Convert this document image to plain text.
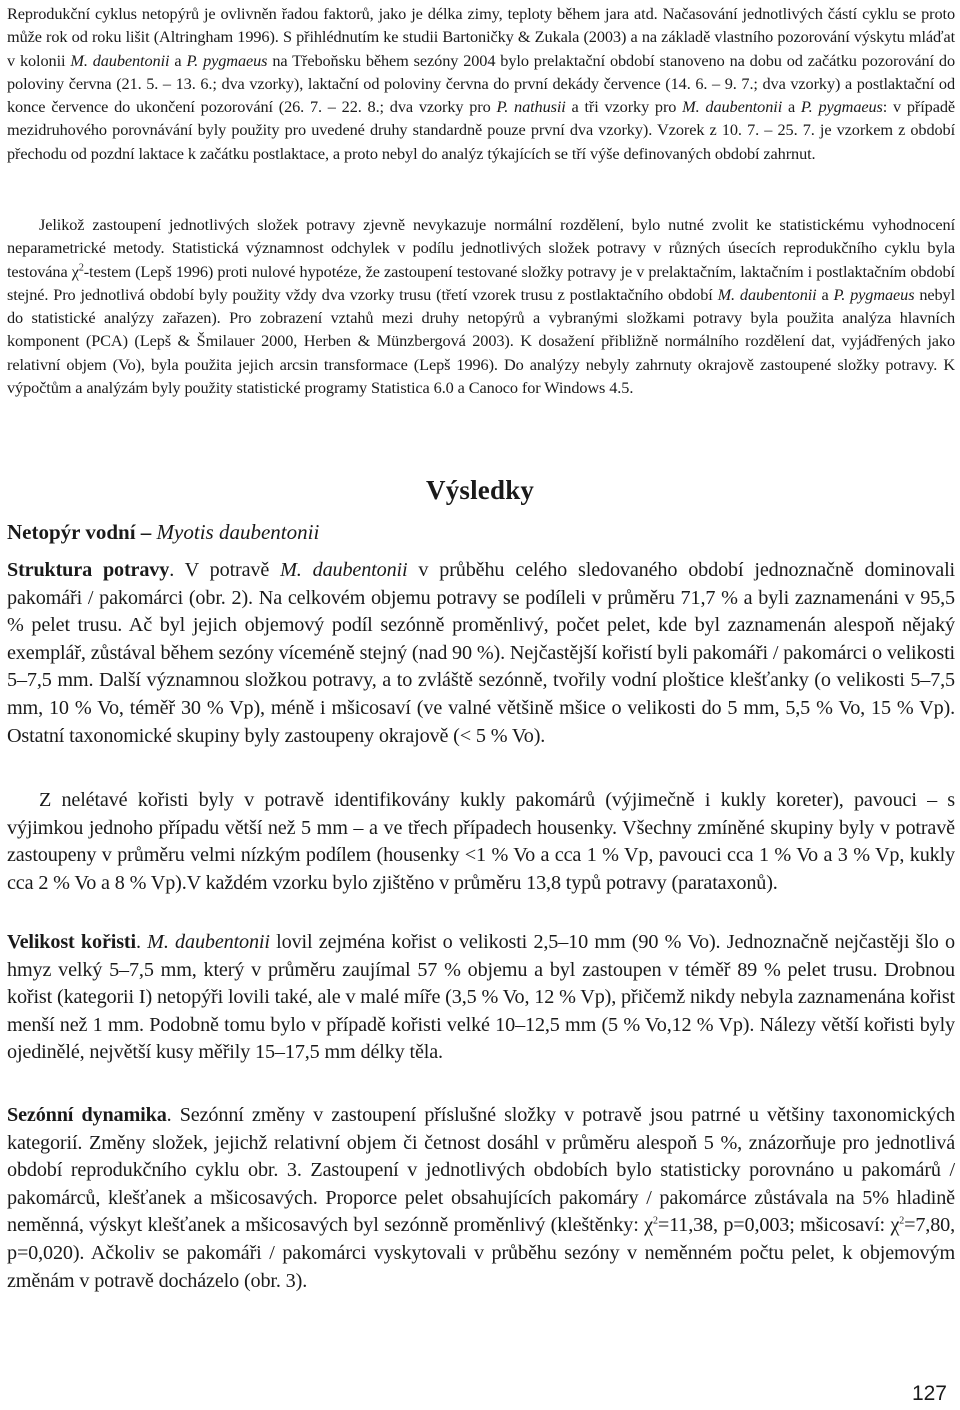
Reprodukční cyklus netopýrů je ovlivněn řadou faktorů, jako je délka zimy, teploty během jara atd. Načasování jednotlivých částí cyklu se proto může rok od roku lišit (Altringham 1996). S přihlédnutím ke studii Bartoničky & Zukala (2003) a na základě vlastního pozorování výskytu mláďat v kolonii M. daubentonii a P. pygmaeus na Třeboňsku během sezóny 2004 bylo prelaktační období stanoveno na dobu od začátku pozorování do poloviny června (21. 5. – 13. 6.; dva vzorky), laktační od poloviny června do první dekády července (14. 6. – 9. 7.; dva vzorky) a postlaktační od konce července do ukončení pozorování (26. 7. – 22. 8.; dva vzorky pro P. nathusii a tři vzorky pro M. daubentonii a P. pygmaeus: v případě mezidruhového porovnávání byly použity pro uvedené druhy standardně pouze první dva vzorky). Vzorek z 10. 7. – 25. 7. je vzorkem z období přechodu od pozdní laktace k začátku postlaktace, a proto nebyl do analýz týkajících se tří výše definovaných období zahrnut.

Jelikož zastoupení jednotlivých složek potravy zjevně nevykazuje normální rozdělení, bylo nutné zvolit ke statistickému vyhodnocení neparametrické metody. Statistická významnost odchylek v podílu jednotlivých složek potravy v různých úsecích reprodukčního cyklu byla testována $\chi^2$-testem (Lepš 1996) proti nulové hypotéze, že zastoupení testované složky potravy je v prelaktačním, laktačním i postlaktačním období stejné. Pro jednotlivá období byly použity vždy dva vzorky trusu (třetí vzorek trusu z postlaktačního období M. daubentonii a P. pygmaeus nebyl do statistické analýzy zařazen). Pro zobrazení vztahů mezi druhy netopýrů a vybranými složkami potravy byla použita analýza hlavních komponent (PCA) (Lepš & Šmilauer 2000, Herben & Münzbergová 2003). K dosažení přibližně normálního rozdělení dat, vyjádřených jako relativní objem (Vo), byla použita jejich arcsin transformace (Lepš 1996). Do analýzy nebyly zahrnuty okrajově zastoupené složky potravy. K výpočtům a analýzám byly použity statistické programy Statistica 6.0 a Canoco for Windows 4.5.

Výsledky
Netopýr vodní – Myotis daubentonii

Struktura potravy. V potravě M. daubentonii v průběhu celého sledovaného období jednoznačně dominovali pakomáři / pakomárci (obr. 2). Na celkovém objemu potravy se podíleli v průměru 71,7 % a byli zaznamenáni v 95,5 % pelet trusu. Ač byl jejich objemový podíl sezónně proměnlivý, počet pelet, kde byl zaznamenán alespoň nějaký exemplář, zůstával během sezóny víceméně stejný (nad 90 %). Nejčastější kořistí byli pakomáři / pakomárci o velikosti 5–7,5 mm. Další významnou složkou potravy, a to zvláště sezónně, tvořily vodní ploštice klešťanky (o velikosti 5–7,5 mm, 10 % Vo, téměř 30 % Vp), méně i mšicosaví (ve valné většině mšice o velikosti do 5 mm, 5,5 % Vo, 15 % Vp). Ostatní taxonomické skupiny byly zastoupeny okrajově (< 5 % Vo).

Z nelétavé kořisti byly v potravě identifikovány kukly pakomárů (výjimečně i kukly koreter), pavouci – s výjimkou jednoho případu větší než 5 mm – a ve třech případech housenky. Všechny zmíněné skupiny byly v potravě zastoupeny v průměru velmi nízkým podílem (housenky <1 % Vo a cca 1 % Vp, pavouci cca 1 % Vo a 3 % Vp, kukly cca 2 % Vo a 8 % Vp).V každém vzorku bylo zjištěno v průměru 13,8 typů potravy (parataxonů).

Velikost kořisti. M. daubentonii lovil zejména kořist o velikosti 2,5–10 mm (90 % Vo). Jednoznačně nejčastěji šlo o hmyz velký 5–7,5 mm, který v průměru zaujímal 57 % objemu a byl zastoupen v téměř 89 % pelet trusu. Drobnou kořist (kategorii I) netopýři lovili také, ale v malé míře (3,5 % Vo, 12 % Vp), přičemž nikdy nebyla zaznamenána kořist menší než 1 mm. Podobně tomu bylo v případě kořisti velké 10–12,5 mm (5 % Vo,12 % Vp). Nálezy větší kořisti byly ojedinělé, největší kusy měřily 15–17,5 mm délky těla.

Sezónní dynamika. Sezónní změny v zastoupení příslušné složky v potravě jsou patrné u většiny taxonomických kategorií. Změny složek, jejichž relativní objem či četnost dosáhl v průměru alespoň 5 %, znázorňuje pro jednotlivá období reprodukčního cyklu obr. 3. Zastoupení v jednotlivých obdobích bylo statisticky porovnáno u pakomárů / pakomárců, klešťanek a mšicosavých. Proporce pelet obsahujících pakomáry / pakomárce zůstávala na 5% hladině neměnná, výskyt klešťanek a mšicosavých byl sezónně proměnlivý (kleštěnky: $\chi^2=11,38$, p=0,003; mšicosaví: $\chi^2=7,80$, p=0,020). Ačkoliv se pakomáři / pakomárci vyskytovali v průběhu sezóny v neměnném počtu pelet, k objemovým změnám v potravě docházelo (obr. 3).

127
